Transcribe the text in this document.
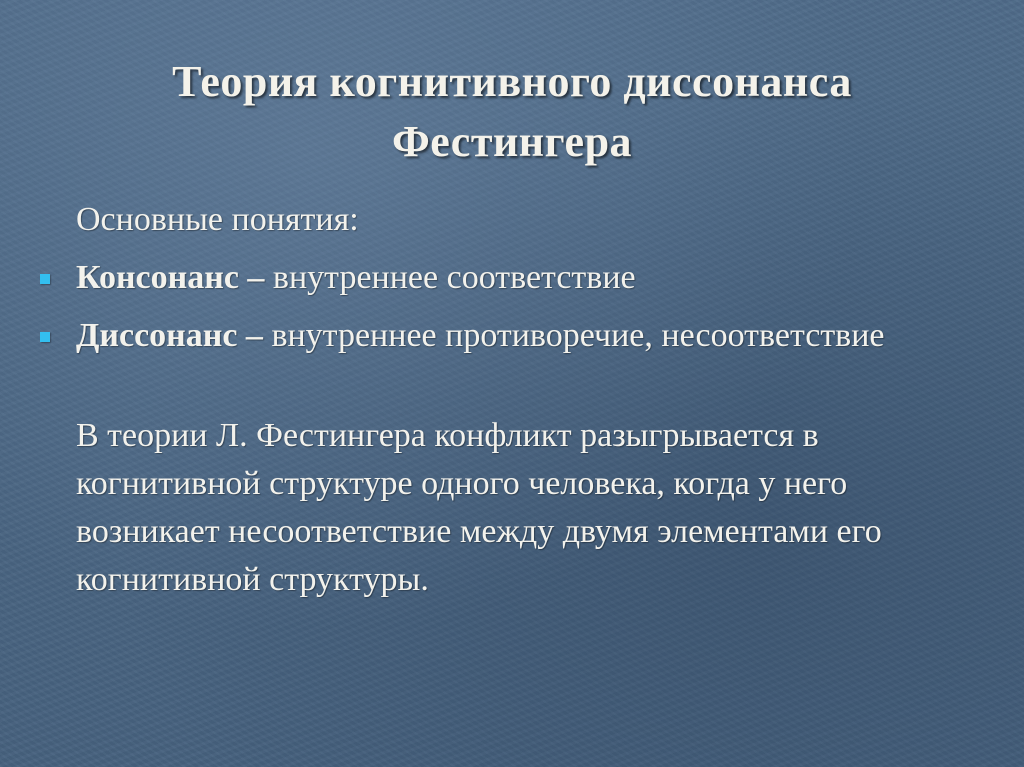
Теория когнитивного диссонанса Фестингера
Основные понятия:
Консонанс – внутреннее соответствие
Диссонанс – внутреннее противоречие, несоответствие
В теории Л. Фестингера конфликт разыгрывается в когнитивной структуре одного человека, когда у него возникает несоответствие между двумя элементами его когнитивной структуры.
